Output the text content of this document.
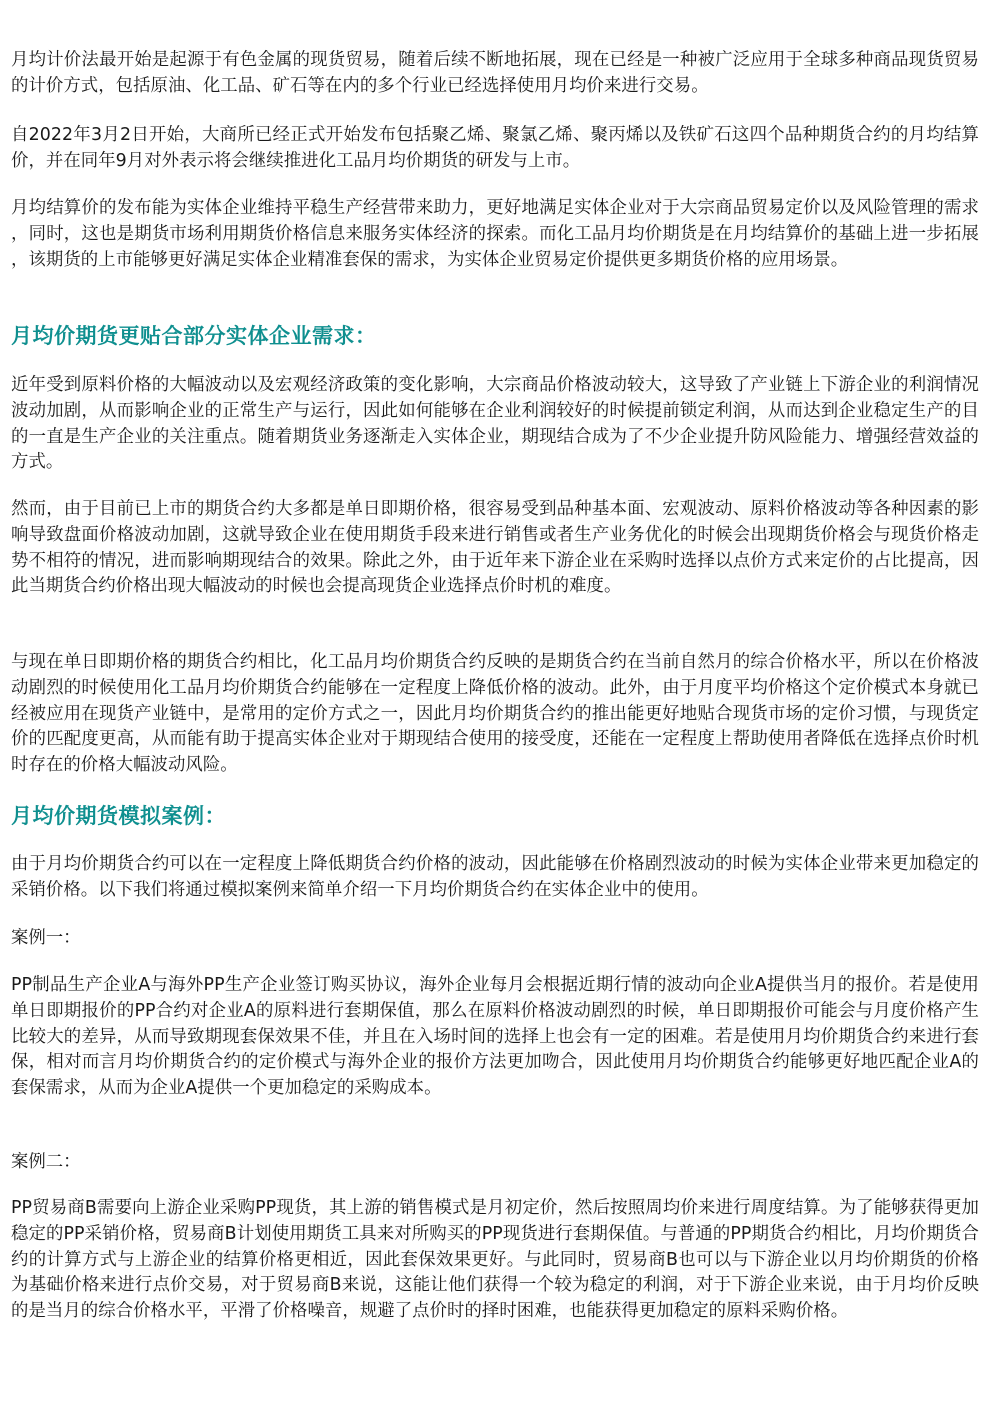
月均计价法最开始是起源于有色金属的现货贸易，随着后续不断地拓展，现在已经是一种被广泛应用于全球多种商品现货贸易的计价方式，包括原油、化工品、矿石等在内的多个行业已经选择使用月均价来进行交易。

自2022年3月2日开始，大商所已经正式开始发布包括聚乙烯、聚氯乙烯、聚丙烯以及铁矿石这四个品种期货合约的月均结算价，并在同年9月对外表示将会继续推进化工品月均价期货的研发与上市。

月均结算价的发布能为实体企业维持平稳生产经营带来助力，更好地满足实体企业对于大宗商品贸易定价以及风险管理的需求，同时，这也是期货市场利用期货价格信息来服务实体经济的探索。而化工品月均价期货是在月均结算价的基础上进一步拓展，该期货的上市能够更好满足实体企业精准套保的需求，为实体企业贸易定价提供更多期货价格的应用场景。

月均价期货更贴合部分实体企业需求：

近年受到原料价格的大幅波动以及宏观经济政策的变化影响，大宗商品价格波动较大，这导致了产业链上下游企业的利润情况波动加剧，从而影响企业的正常生产与运行，因此如何能够在企业利润较好的时候提前锁定利润，从而达到企业稳定生产的目的一直是生产企业的关注重点。随着期货业务逐渐走入实体企业，期现结合成为了不少企业提升防风险能力、增强经营效益的方式。

然而，由于目前已上市的期货合约大多都是单日即期价格，很容易受到品种基本面、宏观波动、原料价格波动等各种因素的影响导致盘面价格波动加剧，这就导致企业在使用期货手段来进行销售或者生产业务优化的时候会出现期货价格会与现货价格走势不相符的情况，进而影响期现结合的效果。除此之外，由于近年来下游企业在采购时选择以点价方式来定价的占比提高，因此当期货合约价格出现大幅波动的时候也会提高现货企业选择点价时机的难度。

与现在单日即期价格的期货合约相比，化工品月均价期货合约反映的是期货合约在当前自然月的综合价格水平，所以在价格波动剧烈的时候使用化工品月均价期货合约能够在一定程度上降低价格的波动。此外，由于月度平均价格这个定价模式本身就已经被应用在现货产业链中，是常用的定价方式之一，因此月均价期货合约的推出能更好地贴合现货市场的定价习惯，与现货定价的匹配度更高，从而能有助于提高实体企业对于期现结合使用的接受度，还能在一定程度上帮助使用者降低在选择点价时机时存在的价格大幅波动风险。

月均价期货模拟案例：

由于月均价期货合约可以在一定程度上降低期货合约价格的波动，因此能够在价格剧烈波动的时候为实体企业带来更加稳定的采销价格。以下我们将通过模拟案例来简单介绍一下月均价期货合约在实体企业中的使用。

案例一：

PP制品生产企业A与海外PP生产企业签订购买协议，海外企业每月会根据近期行情的波动向企业A提供当月的报价。若是使用单日即期报价的PP合约对企业A的原料进行套期保值，那么在原料价格波动剧烈的时候，单日即期报价可能会与月度价格产生比较大的差异，从而导致期现套保效果不佳，并且在入场时间的选择上也会有一定的困难。若是使用月均价期货合约来进行套保，相对而言月均价期货合约的定价模式与海外企业的报价方法更加吻合，因此使用月均价期货合约能够更好地匹配企业A的套保需求，从而为企业A提供一个更加稳定的采购成本。

案例二：

PP贸易商B需要向上游企业采购PP现货，其上游的销售模式是月初定价，然后按照周均价来进行周度结算。为了能够获得更加稳定的PP采销价格，贸易商B计划使用期货工具来对所购买的PP现货进行套期保值。与普通的PP期货合约相比，月均价期货合约的计算方式与上游企业的结算价格更相近，因此套保效果更好。与此同时，贸易商B也可以与下游企业以月均价期货的价格为基础价格来进行点价交易，对于贸易商B来说，这能让他们获得一个较为稳定的利润，对于下游企业来说，由于月均价反映的是当月的综合价格水平，平滑了价格噪音，规避了点价时的择时困难，也能获得更加稳定的原料采购价格。
